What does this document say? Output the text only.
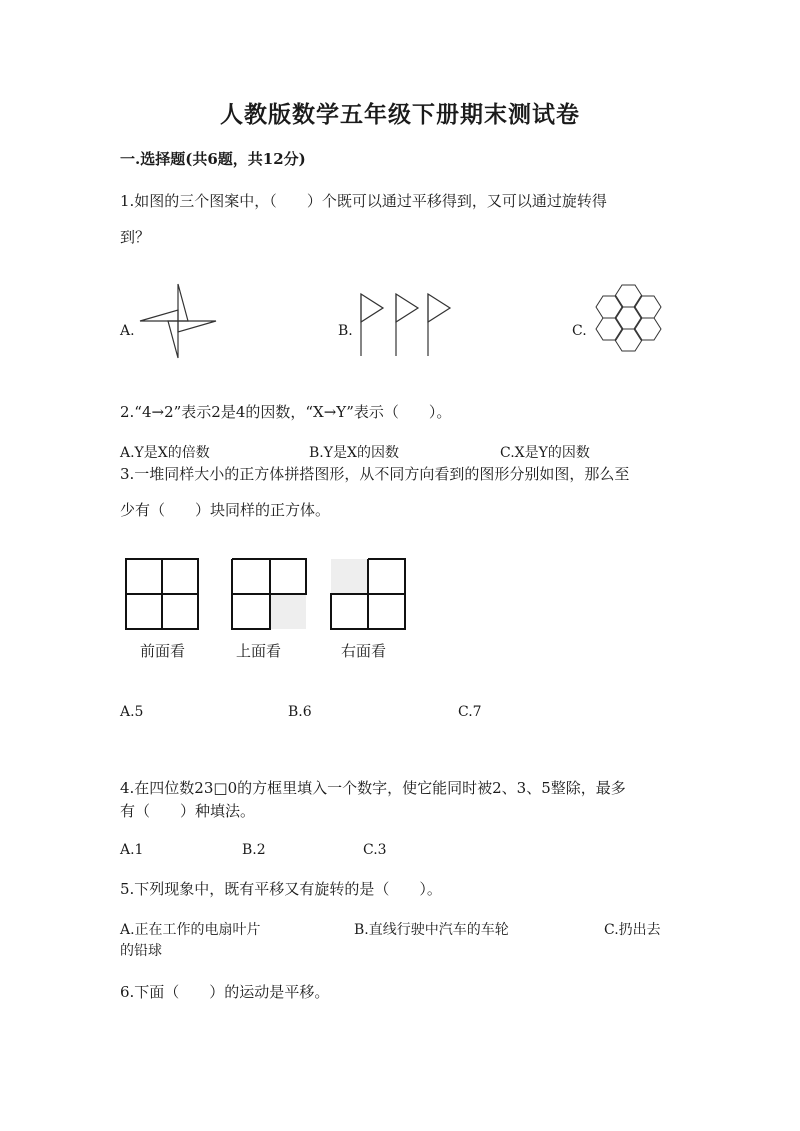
人教版数学五年级下册期末测试卷
一.选择题(共6题，共12分)
1.如图的三个图案中，（　　）个既可以通过平移得到，又可以通过旋转得
到？
A.	B.	C.
2.“4→2”表示2是4的因数，“X→Y”表示（　　）。
A.Y是X的倍数	B.Y是X的因数	C.X是Y的因数
3.一堆同样大小的正方体拼搭图形，从不同方向看到的图形分别如图，那么至
少有（　　）块同样的正方体。
前面看	上面看	右面看
A.5	B.6	C.7
4.在四位数23□0的方框里填入一个数字，使它能同时被2、3、5整除，最多
有（　　）种填法。
A.1	B.2	C.3
5.下列现象中，既有平移又有旋转的是（　　）。
A.正在工作的电扇叶片	B.直线行驶中汽车的车轮	C.扔出去
的铅球
6.下面（　　）的运动是平移。
